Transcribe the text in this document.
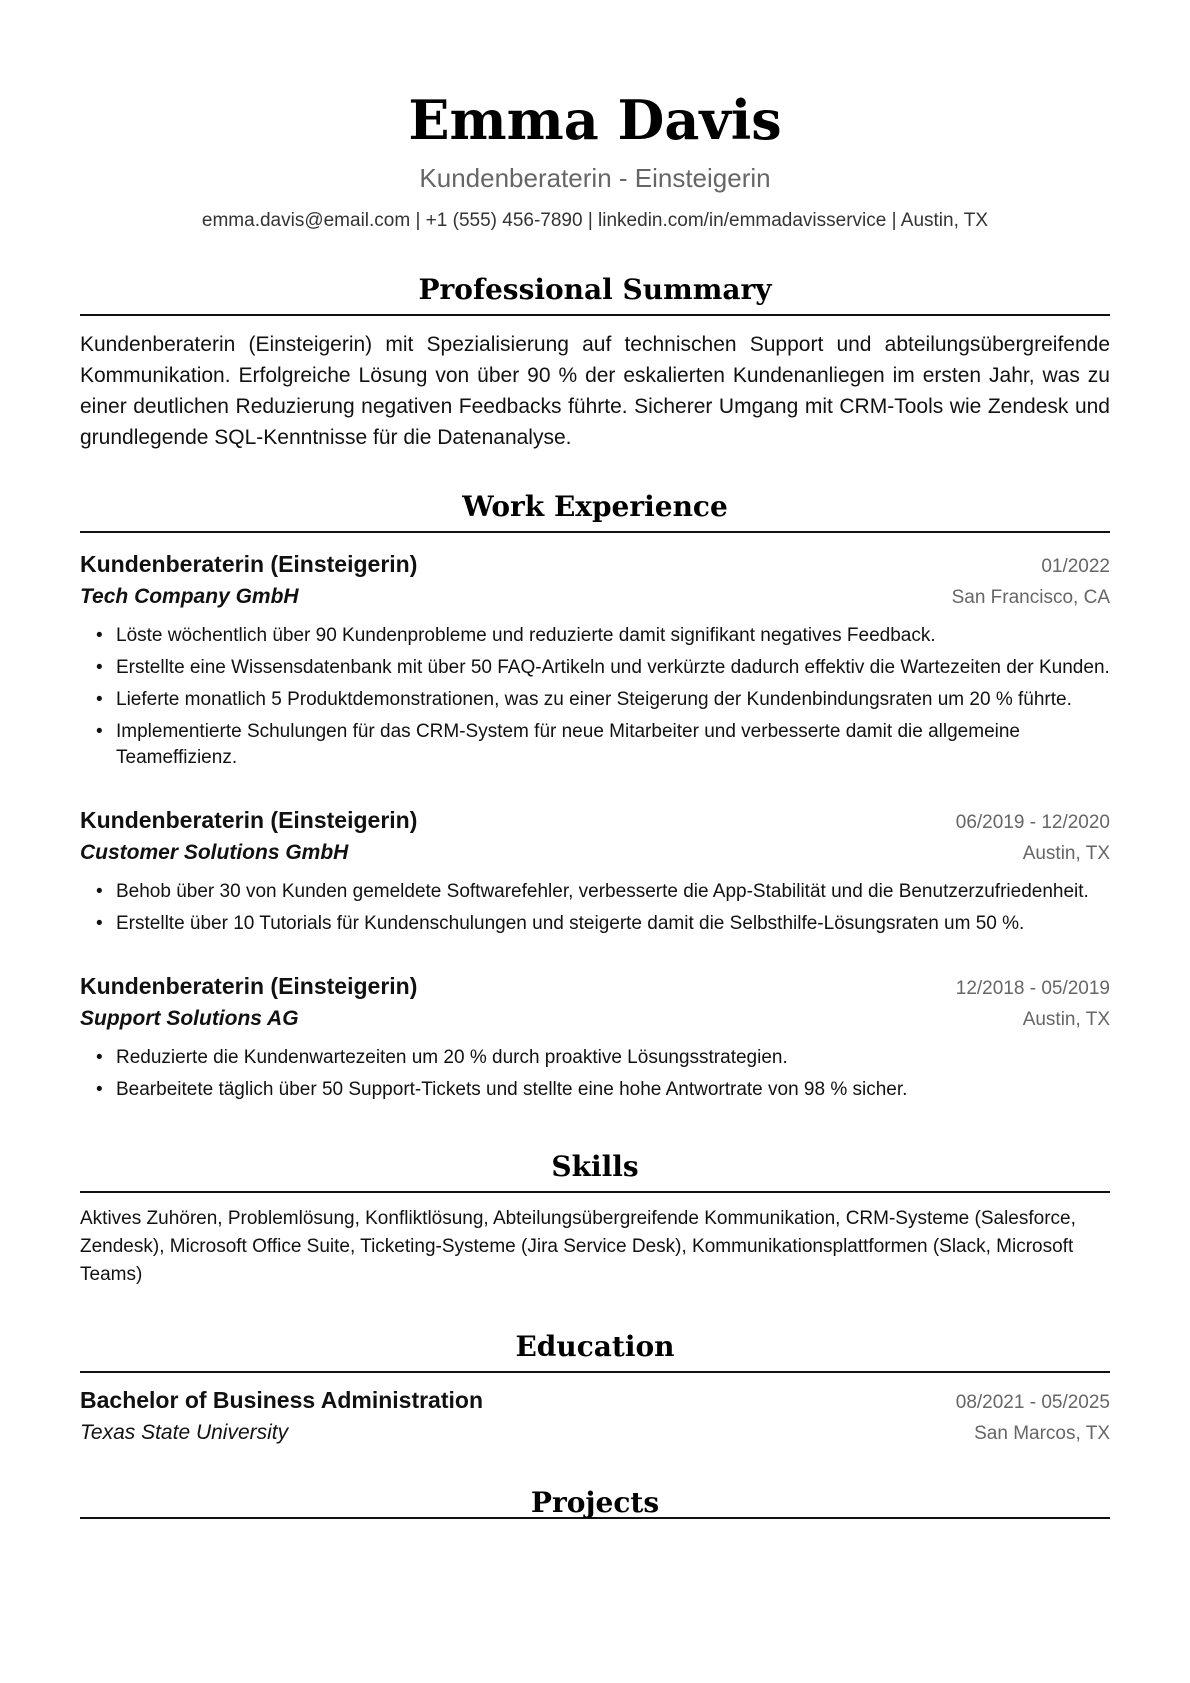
Emma Davis
Kundenberaterin - Einsteigerin
emma.davis@email.com | +1 (555) 456-7890 | linkedin.com/in/emmadavisservice | Austin, TX
Professional Summary
Kundenberaterin (Einsteigerin) mit Spezialisierung auf technischen Support und abteilungsübergreifende Kommunikation. Erfolgreiche Lösung von über 90 % der eskalierten Kundenanliegen im ersten Jahr, was zu einer deutlichen Reduzierung negativen Feedbacks führte. Sicherer Umgang mit CRM-Tools wie Zendesk und grundlegende SQL-Kenntnisse für die Datenanalyse.
Work Experience
Kundenberaterin (Einsteigerin)	01/2022
Tech Company GmbH	San Francisco, CA
• Löste wöchentlich über 90 Kundenprobleme und reduzierte damit signifikant negatives Feedback.
• Erstellte eine Wissensdatenbank mit über 50 FAQ-Artikeln und verkürzte dadurch effektiv die Wartezeiten der Kunden.
• Lieferte monatlich 5 Produktdemonstrationen, was zu einer Steigerung der Kundenbindungsraten um 20 % führte.
• Implementierte Schulungen für das CRM-System für neue Mitarbeiter und verbesserte damit die allgemeine Teameffizienz.
Kundenberaterin (Einsteigerin)	06/2019 - 12/2020
Customer Solutions GmbH	Austin, TX
• Behob über 30 von Kunden gemeldete Softwarefehler, verbesserte die App-Stabilität und die Benutzerzufriedenheit.
• Erstellte über 10 Tutorials für Kundenschulungen und steigerte damit die Selbsthilfe-Lösungsraten um 50 %.
Kundenberaterin (Einsteigerin)	12/2018 - 05/2019
Support Solutions AG	Austin, TX
• Reduzierte die Kundenwartezeiten um 20 % durch proaktive Lösungsstrategien.
• Bearbeitete täglich über 50 Support-Tickets und stellte eine hohe Antwortrate von 98 % sicher.
Skills
Aktives Zuhören, Problemlösung, Konfliktlösung, Abteilungsübergreifende Kommunikation, CRM-Systeme (Salesforce, Zendesk), Microsoft Office Suite, Ticketing-Systeme (Jira Service Desk), Kommunikationsplattformen (Slack, Microsoft Teams)
Education
Bachelor of Business Administration	08/2021 - 05/2025
Texas State University	San Marcos, TX
Projects
